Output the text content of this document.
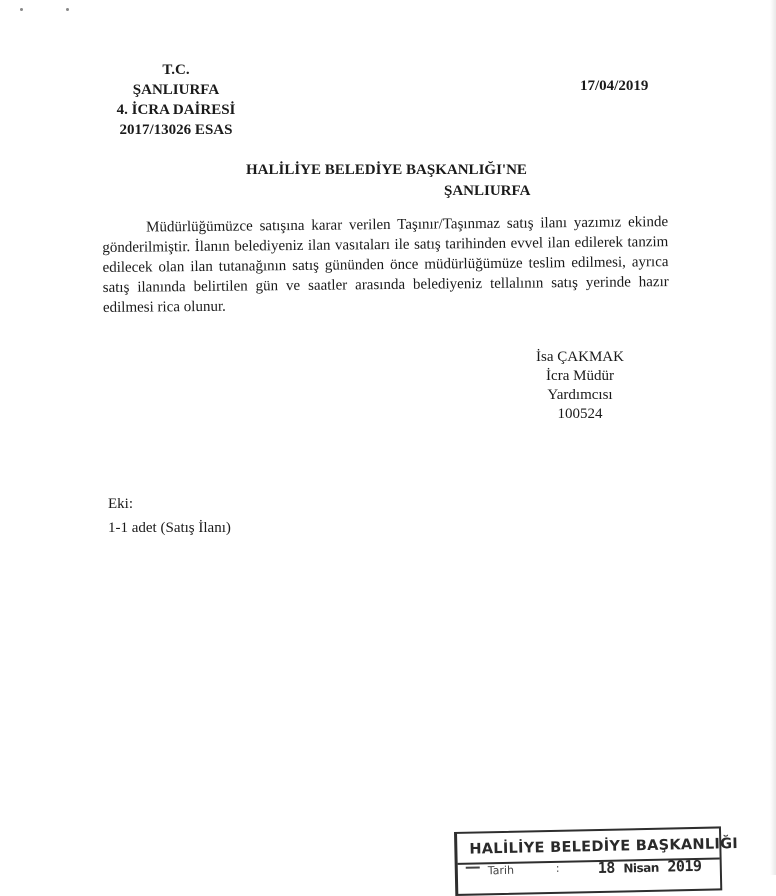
T.C.
ŞANLIURFA
4. İCRA DAİRESİ
2017/13026 ESAS
17/04/2019
HALİLİYE BELEDİYE BAŞKANLIĞI'NE
ŞANLIURFA

Müdürlüğümüzce satışına karar verilen Taşınır/Taşınmaz satış ilanı yazımız ekinde gönderilmiştir. İlanın belediyeniz ilan vasıtaları ile satış tarihinden evvel ilan edilerek tanzim edilecek olan ilan tutanağının satış gününden önce müdürlüğümüze teslim edilmesi, ayrıca satış ilanında belirtilen gün ve saatler arasında belediyeniz tellalının satış yerinde hazır edilmesi rica olunur.

İsa ÇAKMAK
İcra Müdür Yardımcısı
100524
Eki:
1-1 adet (Satış İlanı)
HALİLİYE BELEDİYE BAŞKANLIĞI
Tarih	:	18 Nisan 2019
